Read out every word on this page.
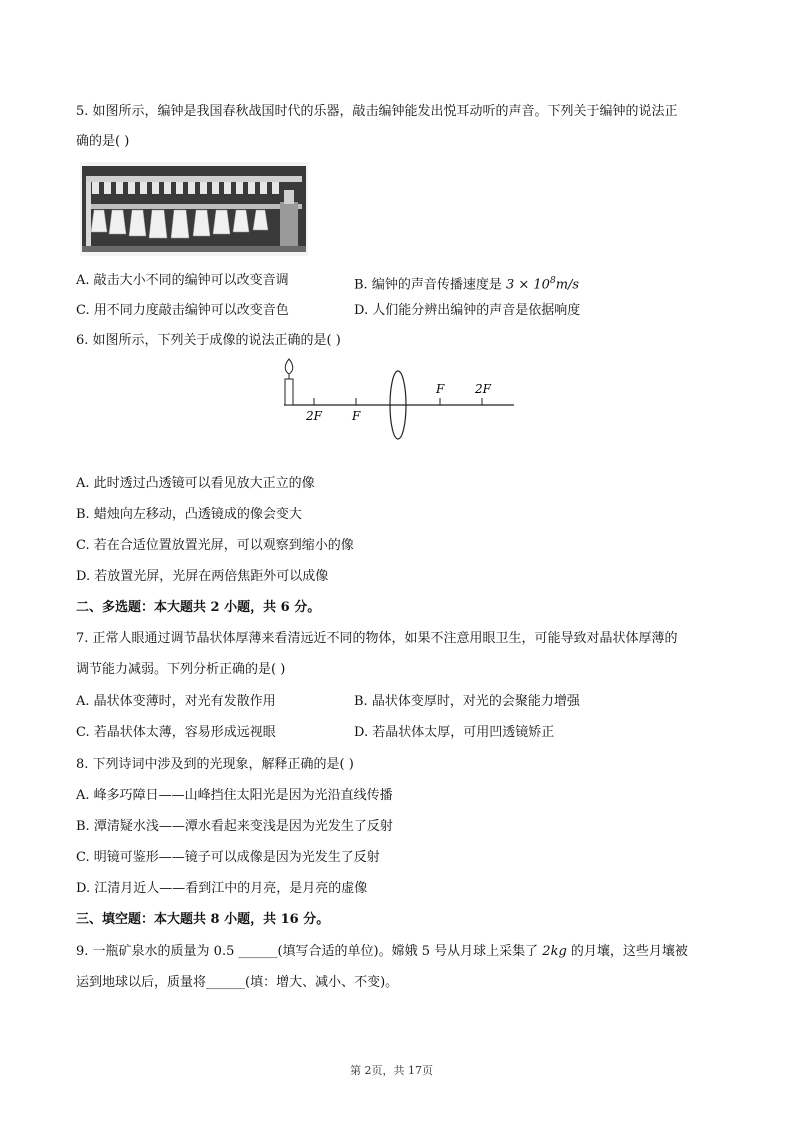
5. 如图所示，编钟是我国春秋战国时代的乐器，敲击编钟能发出悦耳动听的声音。下列关于编钟的说法正
确的是( )
A. 敲击大小不同的编钟可以改变音调	B. 编钟的声音传播速度是 $3 \times 10^8m/s$
C. 用不同力度敲击编钟可以改变音色	D. 人们能分辨出编钟的声音是依据响度
6. 如图所示，下列关于成像的说法正确的是( )
2F	F
F	2F
A. 此时透过凸透镜可以看见放大正立的像
B. 蜡烛向左移动，凸透镜成的像会变大
C. 若在合适位置放置光屏，可以观察到缩小的像
D. 若放置光屏，光屏在两倍焦距外可以成像
二、多选题：本大题共 2 小题，共 6 分。
7. 正常人眼通过调节晶状体厚薄来看清远近不同的物体，如果不注意用眼卫生，可能导致对晶状体厚薄的
调节能力减弱。下列分析正确的是( )
A. 晶状体变薄时，对光有发散作用	B. 晶状体变厚时，对光的会聚能力增强
C. 若晶状体太薄，容易形成远视眼	D. 若晶状体太厚，可用凹透镜矫正
8. 下列诗词中涉及到的光现象，解释正确的是( )
A. 峰多巧障日——山峰挡住太阳光是因为光沿直线传播
B. 潭清疑水浅——潭水看起来变浅是因为光发生了反射
C. 明镜可鉴形——镜子可以成像是因为光发生了反射
D. 江清月近人——看到江中的月亮，是月亮的虚像
三、填空题：本大题共 8 小题，共 16 分。
9. 一瓶矿泉水的质量为 0.5 ______(填写合适的单位)。嫦娥 5 号从月球上采集了 2kg 的月壤，这些月壤被
运到地球以后，质量将______(填：增大、减小、不变)。
第 2页，共 17页
